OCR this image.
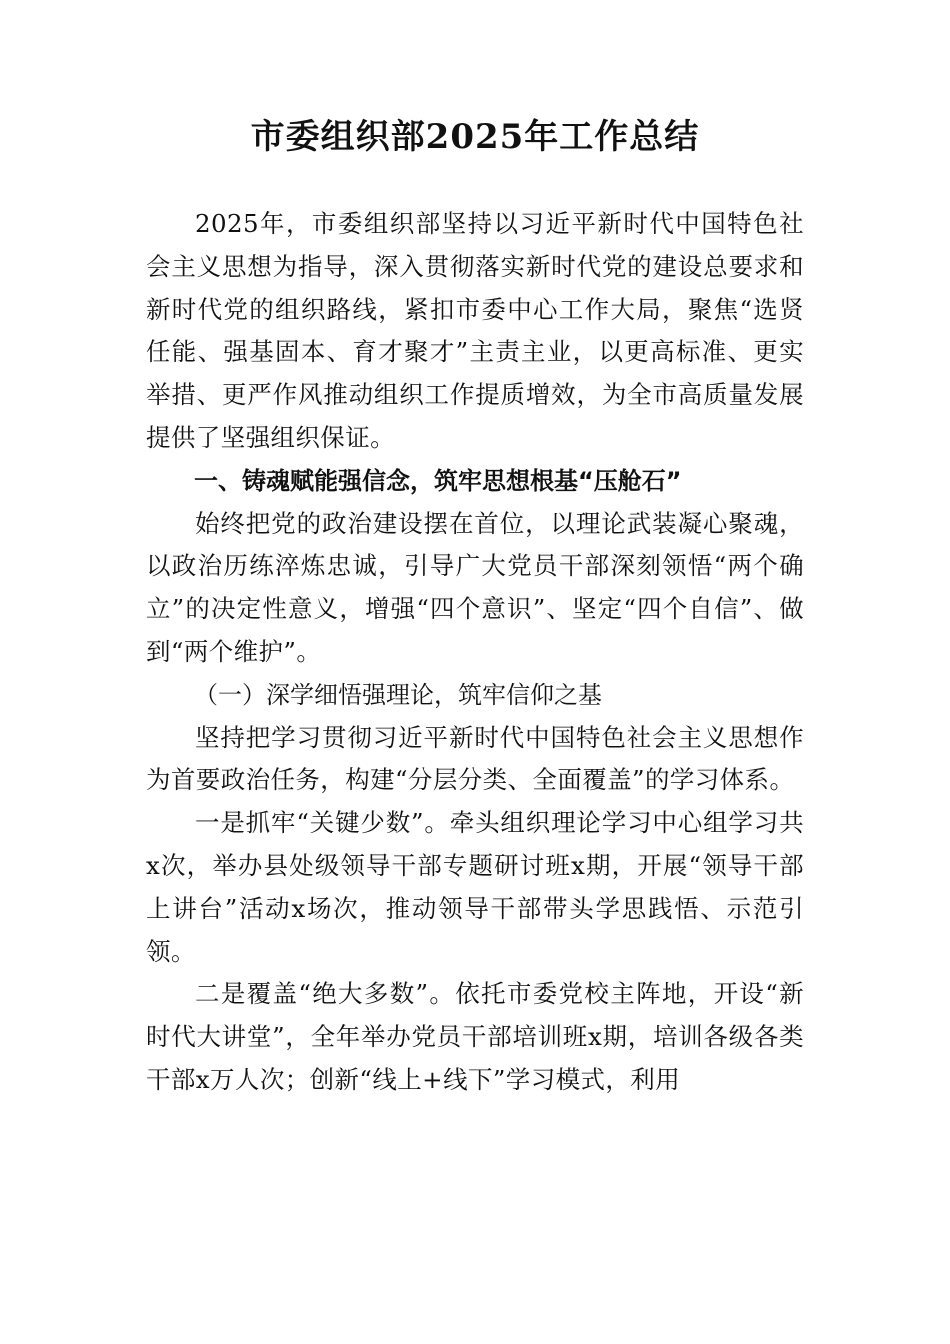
市委组织部2025年工作总结

2025年，市委组织部坚持以习近平新时代中国特色社会主义思想为指导，深入贯彻落实新时代党的建设总要求和新时代党的组织路线，紧扣市委中心工作大局，聚焦“选贤任能、强基固本、育才聚才”主责主业，以更高标准、更实举措、更严作风推动组织工作提质增效，为全市高质量发展提供了坚强组织保证。

一、铸魂赋能强信念，筑牢思想根基“压舱石”

始终把党的政治建设摆在首位，以理论武装凝心聚魂，以政治历练淬炼忠诚，引导广大党员干部深刻领悟“两个确立”的决定性意义，增强“四个意识”、坚定“四个自信”、做到“两个维护”。

（一）深学细悟强理论，筑牢信仰之基

坚持把学习贯彻习近平新时代中国特色社会主义思想作为首要政治任务，构建“分层分类、全面覆盖”的学习体系。

一是抓牢“关键少数”。牵头组织理论学习中心组学习共x次，举办县处级领导干部专题研讨班x期，开展“领导干部上讲台”活动x场次，推动领导干部带头学思践悟、示范引领。

二是覆盖“绝大多数”。依托市委党校主阵地，开设“新时代大讲堂”，全年举办党员干部培训班x期，培训各级各类干部x万人次；创新“线上+线下”学习模式，利用
